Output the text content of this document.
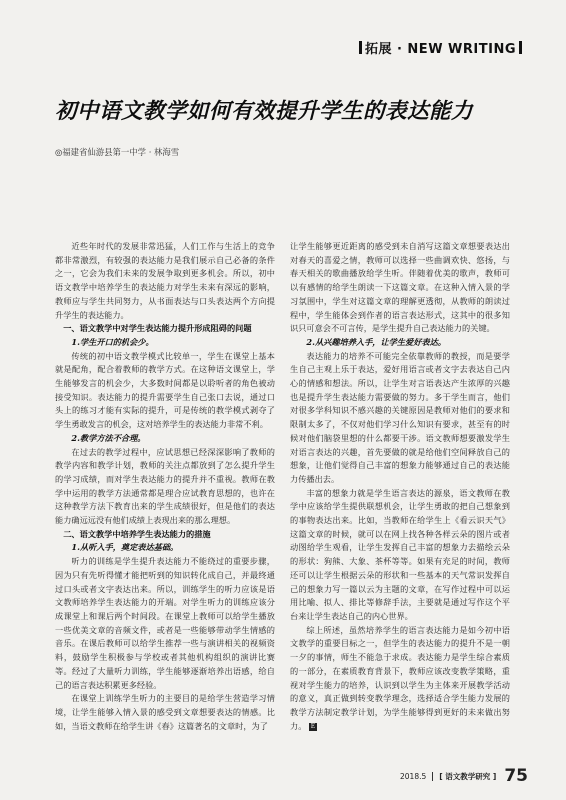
拓展 · NEW WRITING
初中语文教学如何有效提升学生的表达能力
◎福建省仙游县第一中学 · 林海雪

近些年时代的发展非常迅猛，人们工作与生活上的竞争都非常激烈，有较强的表达能力是我们展示自己必备的条件之一，它会为我们未来的发展争取到更多机会。所以，初中语文教学中培养学生的表达能力对学生未来有深远的影响，教师应与学生共同努力，从书面表达与口头表达两个方向提升学生的表达能力。

一、语文教学中对学生表达能力提升形成阻碍的问题
1.学生开口的机会少。

传统的初中语文教学模式比较单一，学生在课堂上基本就是配角，配合着教师的教学方式。在这种语文课堂上，学生能够发言的机会少，大多数时间都是以聆听者的角色被动接受知识。表达能力的提升需要学生自己张口去说，通过口头上的练习才能有实际的提升，可是传统的教学模式剥夺了学生勇敢发言的机会，这对培养学生的表达能力非常不利。

2.教学方法不合理。

在过去的教学过程中，应试思想已经深深影响了教师的教学内容和教学计划，教师的关注点都放到了怎么提升学生的学习成绩，而对学生表达能力的提升并不重视。教师在教学中运用的教学方法通常都是理合应试教育思想的，也许在这种教学方法下教育出来的学生成绩很好，但是他们的表达能力确远远没有他们成绩上表现出来的那么理想。

二、语文教学中培养学生表达能力的措施
1.从听入手，奠定表达基础。

听力的训练是学生提升表达能力不能绕过的重要步骤，因为只有先听得懂才能把听到的知识转化成自己，并最终通过口头或者文字表达出来。所以，训练学生的听力应该是语文教师培养学生表达能力的开端。对学生听力的训练应该分成课堂上和课后两个时间段。在课堂上教师可以给学生播放一些优美文章的音频文件，或者是一些能够带动学生情感的音乐。在课后教师可以给学生推荐一些与演讲相关的视频资料，鼓励学生积极参与学校或者其他机构组织的演讲比赛等。经过了大量听力训练，学生能够逐渐培养出语感，给自己的语言表达积累更多经验。

在课堂上训练学生听力的主要目的是给学生营造学习情境，让学生能够入情入景的感受到文章想要表达的情感。比如，当语文教师在给学生讲《春》这篇著名的文章时，为了

让学生能够更近距离的感受到未自消写这篇文章想要表达出对春天的喜爱之情，教师可以选择一些曲调欢快、悠扬，与春天相关的歌曲播放给学生听。伴随着优美的歌声，教师可以有感情的给学生朗读一下这篇文章。在这种入情入景的学习氛围中，学生对这篇文章的理解更透彻，从教师的朗读过程中，学生能体会到作者的语言表达形式，这其中的很多知识只可意会不可言传，是学生提升自己表达能力的关键。

2.从兴趣培养入手，让学生爱好表达。

表达能力的培养不可能完全依靠教师的教授，而是要学生自己主观上乐于表达，爱好用语言或者文字去表达自己内心的情感和想法。所以，让学生对言语表达产生浓厚的兴趣也是提升学生表达能力需要做的努力。多于学生而言，他们对很多学科知识不感兴趣的关键原因是教师对他们的要求和限制太多了，不仅对他们学习什么知识有要求，甚至有的时候对他们脑袋里想的什么都要干涉。语文教师想要激发学生对语言表达的兴趣，首先要做的就是给他们空间释放自己的想象，让他们觉得自己丰富的想象力能够通过自己的表达能力传播出去。

丰富的想象力就是学生语言表达的源泉，语文教师在教学中应该给学生提供联想机会，让学生勇敢的把自己想象到的事物表达出来。比如，当教师在给学生上《看云识天气》这篇文章的时候，就可以在网上找各种各样云朵的图片或者动图给学生观看，让学生发挥自己丰富的想象力去描绘云朵的形状：狗熊、大象、茶杯等等。如果有充足的时间，教师还可以让学生根据云朵的形状和一些基本的天气常识发挥自己的想象力写一篇以云为主题的文章，在写作过程中可以运用比喻、拟人、排比等修辞手法，主要就是通过写作这个平台来让学生表达自己的内心世界。

综上所述，虽然培养学生的语言表达能力是如今初中语文教学的重要目标之一，但学生的表达能力的提升不是一朝一夕的事情，师生不能急于求成。表达能力是学生综合素质的一部分，在素质教育背景下，教师应该改变教学策略，重视对学生能力的培养，认识到以学生为主体来开展教学活动的意义，真正做到转变教学理念，选择适合学生能力发展的教学方法制定教学计划，为学生能够得到更好的未来做出努力。 E

2018.5 [ 语文教学研究 ] 75
